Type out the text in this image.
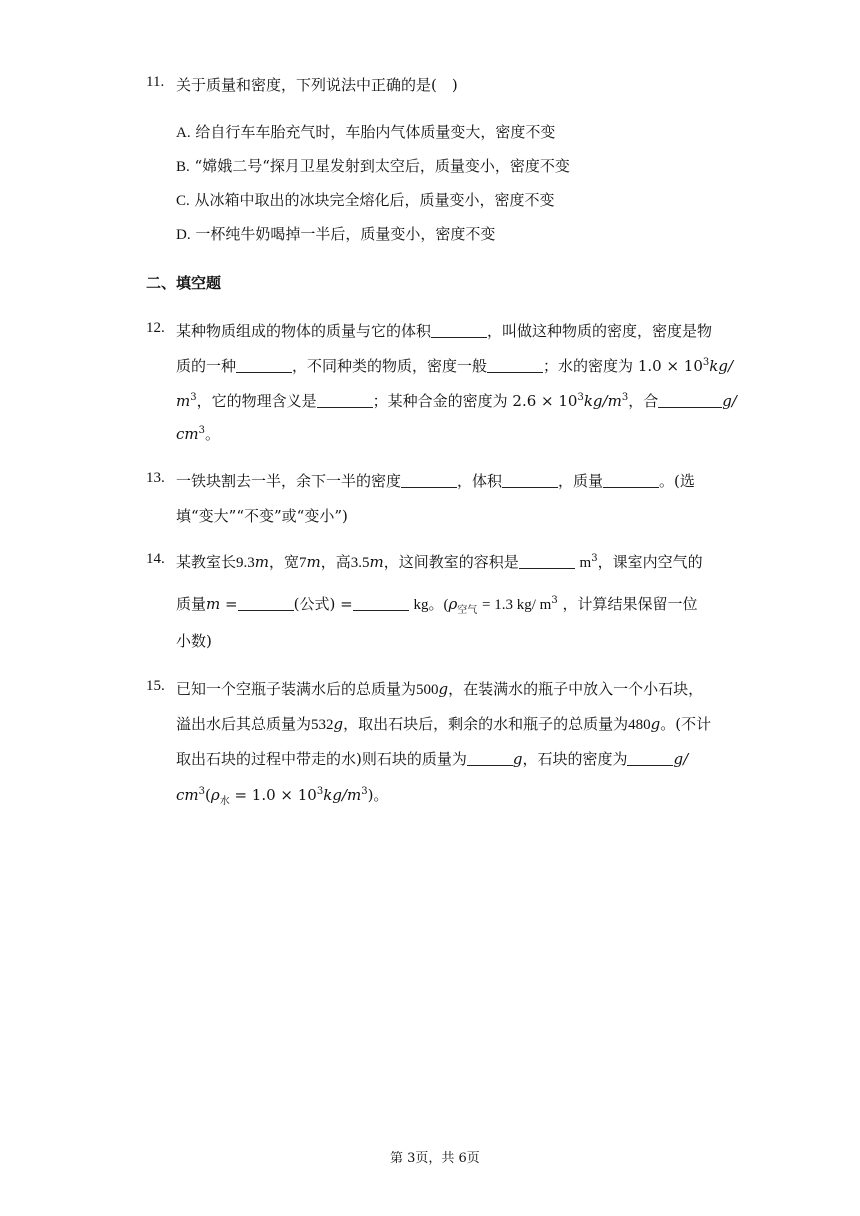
11. 关于质量和密度，下列说法中正确的是(　)
A. 给自行车车胎充气时，车胎内气体质量变大，密度不变
B. “嫦娥二号“探月卫星发射到太空后，质量变小，密度不变
C. 从冰箱中取出的冰块完全熔化后，质量变小，密度不变
D. 一杯纯牛奶喝掉一半后，质量变小，密度不变
二、填空题
12. 某种物质组成的物体的质量与它的体积	，叫做这种物质的密度，密度是物
质的一种	，不同种类的物质，密度一般	；水的密度为 $1.0 \times 10^3kg/$
$m^3$，它的物理含义是	；某种合金的密度为 $2.6 \times 10^3kg/m^3$，合	g/
$cm^3$。
13. 一铁块割去一半，余下一半的密度	，体积	，质量	。(选
填“变大”“不变”或“变小”)
14. 某教室长9.3m，宽7m，高3.5m，这间教室的容积是	$m^3$，课室内空气的
质量m =	(公式) =	kg。($\rho_{空气} = 1.3$ kg/ $m^3$ ，计算结果保留一位
小数)
15. 已知一个空瓶子装满水后的总质量为500g，在装满水的瓶子中放入一个小石块，
溢出水后其总质量为532g，取出石块后，剩余的水和瓶子的总质量为480g。(不计
取出石块的过程中带走的水)则石块的质量为	g，石块的密度为	g/
$cm^3(\rho_水 = 1.0 \times 10^3kg/m^3)$。
第 3页，共 6页
